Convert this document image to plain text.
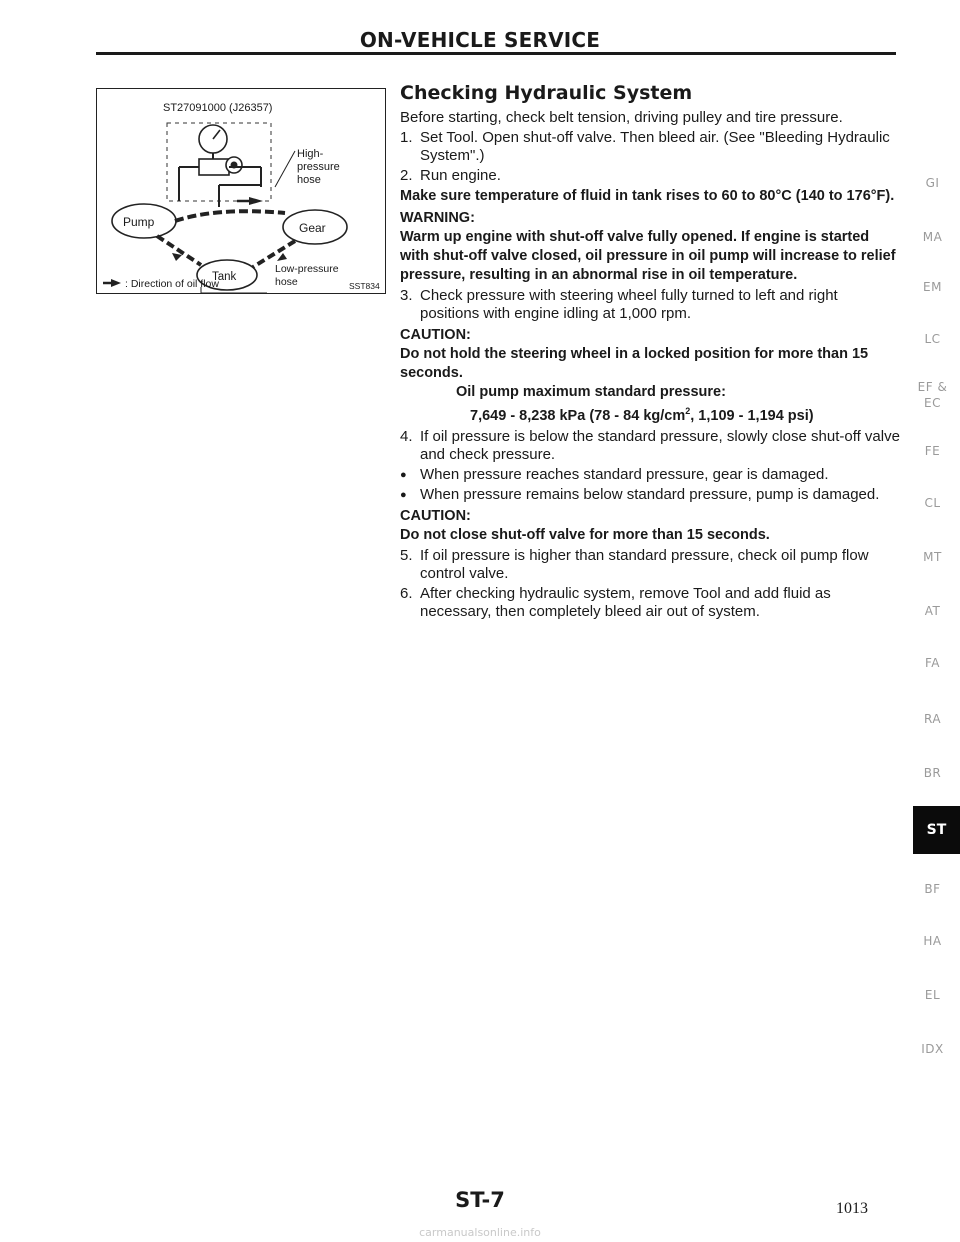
ON-VEHICLE SERVICE
ST27091000 (J26357)
Pump	Gear
High-
pressure
hose
Tank
Low-pressure
hose
: Direction of oil flow	SST834
Checking Hydraulic System

Before starting, check belt tension, driving pulley and tire pressure.

1. Set Tool. Open shut-off valve. Then bleed air. (See "Bleeding Hydraulic System".)
2. Run engine.

Make sure temperature of fluid in tank rises to 60 to 80°C (140 to 176°F).

WARNING:

Warm up engine with shut-off valve fully opened. If engine is started with shut-off valve closed, oil pressure in oil pump will increase to relief pressure, resulting in an abnormal rise in oil temperature.

3. Check pressure with steering wheel fully turned to left and right positions with engine idling at 1,000 rpm.

CAUTION:

Do not hold the steering wheel in a locked position for more than 15 seconds.

Oil pump maximum standard pressure:
7,649 - 8,238 kPa (78 - 84 $kg/cm^2$, 1,109 - 1,194 psi)
4. If oil pressure is below the standard pressure, slowly close shut-off valve and check pressure.
● When pressure reaches standard pressure, gear is damaged.
● When pressure remains below standard pressure, pump is damaged.

CAUTION:

Do not close shut-off valve for more than 15 seconds.

5. If oil pressure is higher than standard pressure, check oil pump flow control valve.
6. After checking hydraulic system, remove Tool and add fluid as necessary, then completely bleed air out of system.
GI
MA
EM
LC
EF &
EC
FE
CL
MT
AT
FA
RA
BR
BF
HA
EL
IDX
ST
ST-7	1013
carmanualsonline.info
